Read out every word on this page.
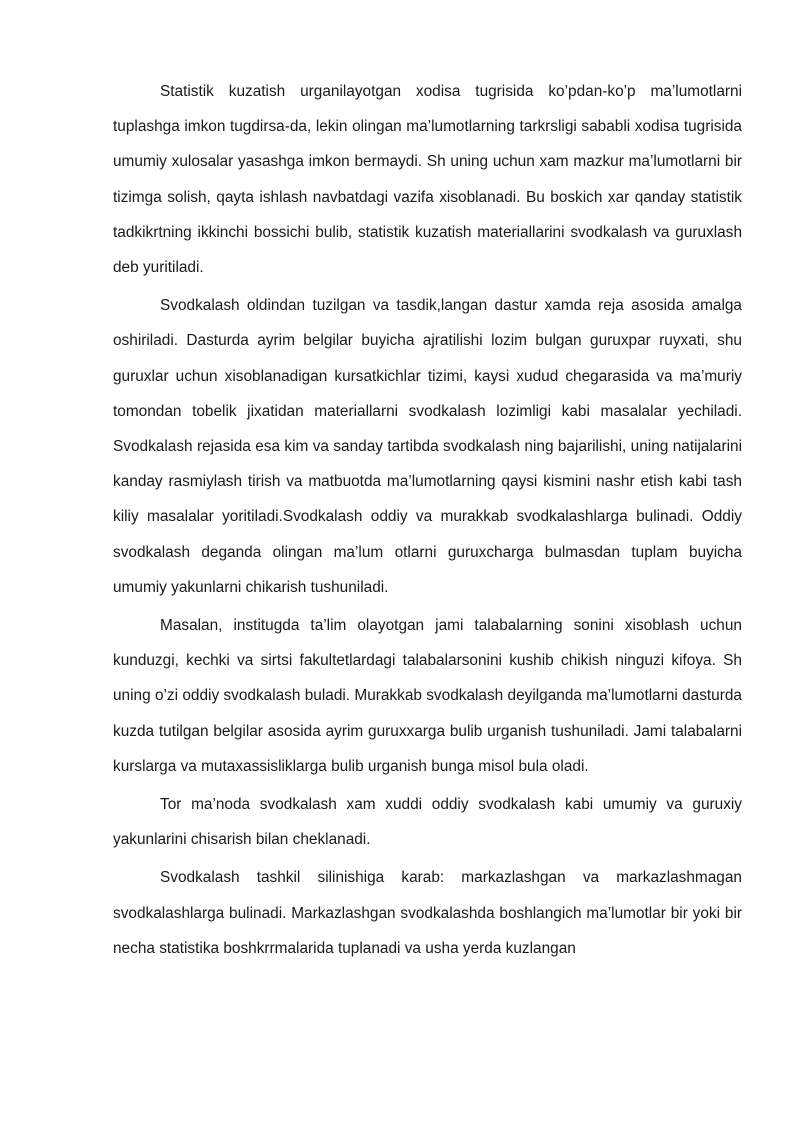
Statistik kuzatish urganilayotgan xodisa tugrisida ko’pdan-ko’p ma’lumotlarni tuplashga imkon tugdirsa-da, lekin olingan ma’lumotlarning tarkrsligi sababli xodisa tugrisida umumiy xulosalar yasashga imkon bermaydi. Sh uning uchun xam mazkur ma’lumotlarni bir tizimga solish, qayta ishlash navbatdagi vazifa xisoblanadi. Bu boskich xar qanday statistik tadkikrtning ikkinchi bossichi bulib, statistik kuzatish materiallarini svodkalash va guruxlash deb yuritiladi.

Svodkalash oldindan tuzilgan va tasdik,langan dastur xamda reja asosida amalga oshiriladi. Dasturda ayrim belgilar buyicha ajratilishi lozim bulgan guruxpar ruyxati, shu guruxlar uchun xisoblanadigan kursatkichlar tizimi, kaysi xudud chegarasida va ma’muriy tomondan tobelik jixatidan materiallarni svodkalash lozimligi kabi masalalar yechiladi. Svodkalash rejasida esa kim va sanday tartibda svodkalash ning bajarilishi, uning natijalarini kanday rasmiylash tirish va matbuotda ma’lumotlarning qaysi kismini nashr etish kabi tash kiliy masalalar yoritiladi.Svodkalash oddiy va murakkab svodkalashlarga bulinadi. Oddiy svodkalash deganda olingan ma’lum otlarni guruxcharga bulmasdan tuplam buyicha umumiy yakunlarni chikarish tushuniladi.

Masalan, institugda ta’lim olayotgan jami talabalarning sonini xisoblash uchun kunduzgi, kechki va sirtsi fakultetlardagi talabalarsonini kushib chikish ninguzi kifoya. Sh uning o’zi oddiy svodkalash buladi. Murakkab svodkalash deyilganda ma’lumotlarni dasturda kuzda tutilgan belgilar asosida ayrim guruxxarga bulib urganish tushuniladi. Jami talabalarni kurslarga va mutaxassisliklarga bulib urganish bunga misol bula oladi.

Tor ma’noda svodkalash xam xuddi oddiy svodkalash kabi umumiy va guruxiy yakunlarini chisarish bilan cheklanadi.

Svodkalash tashkil silinishiga karab: markazlashgan va markazlashmagan svodkalashlarga bulinadi. Markazlashgan svodkalashda boshlangich ma’lumotlar bir yoki bir necha statistika boshkrrmalarida tuplanadi va usha yerda kuzlangan
